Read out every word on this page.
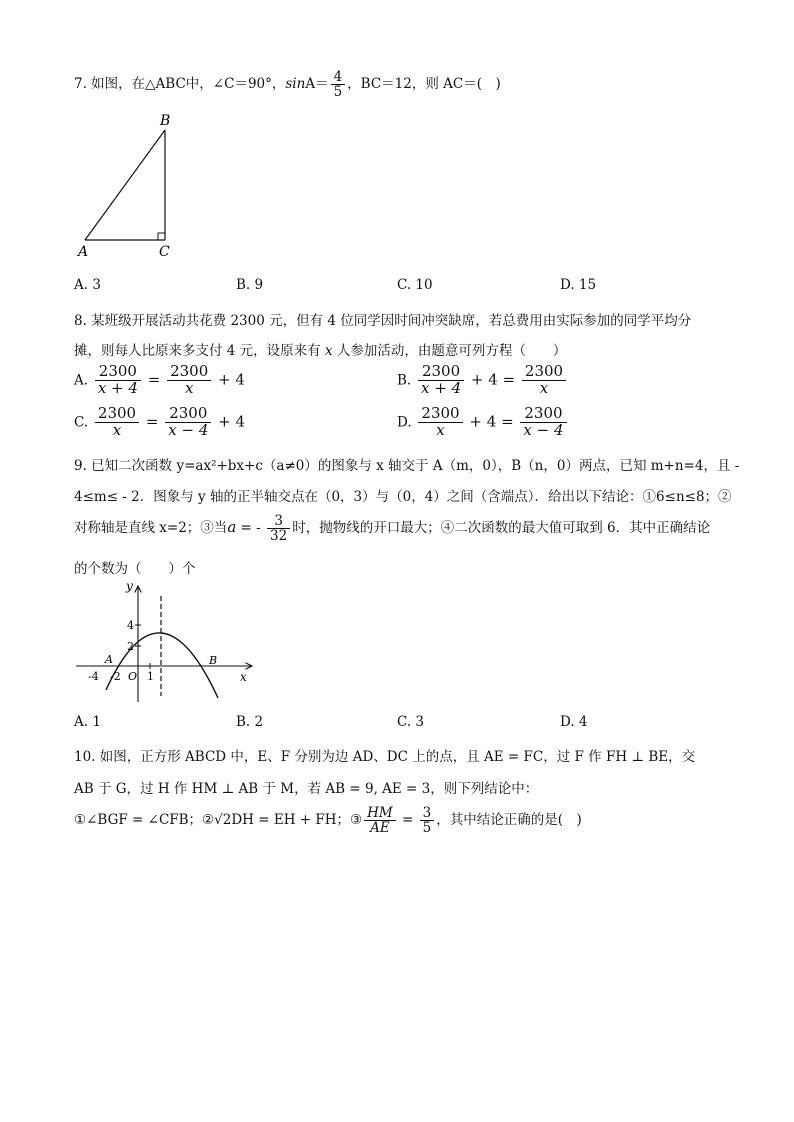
7. 如图，在△ABC中，∠C＝90°，$\sin A= \frac{4}{5}$ ，BC＝12，则 AC＝(　)
B
A	C
A. 3	B. 9	C. 10	D. 15
8. 某班级开展活动共花费 2300 元，但有 4 位同学因时间冲突缺席，若总费用由实际参加的同学平均分
摊，则每人比原来多支付 4 元，设原来有 x 人参加活动，由题意可列方程（　　）
A. $\frac{2300}{x + 4} = \frac{2300}{x} + 4$	B. $\frac{2300}{x + 4} + 4 = \frac{2300}{x}$
C. $\frac{2300}{x} = \frac{2300}{x - 4} + 4$	D. $\frac{2300}{x} + 4 = \frac{2300}{x - 4}$
9. 已知二次函数 y=ax²+bx+c（a≠0）的图象与 x 轴交于 A（m，0），B（n，0）两点，已知 m+n=4，且 -
4≤m≤ - 2．图象与 y 轴的正半轴交点在（0，3）与（0，4）之间（含端点）．给出以下结论：①6≤n≤8；②
对称轴是直线 x=2；③当a = - $\frac{3}{32}$ 时，抛物线的开口最大；④二次函数的最大值可取到 6．其中正确结论
的个数为（　　）个
y
x
4
2
A	B
-4 -2 O 1
A. 1	B. 2	C. 3	D. 4
10. 如图，正方形 ABCD 中，E、F 分别为边 AD、DC 上的点，且 AE = FC，过 F 作 FH ⊥ BE，交
AB 于 G，过 H 作 HM ⊥ AB 于 M，若 AB = 9, AE = 3，则下列结论中：
①∠BGF = ∠CFB；②√2DH = EH + FH；③ $\frac{HM}{AE} = \frac{3}{5}$ ，其中结论正确的是(　)
